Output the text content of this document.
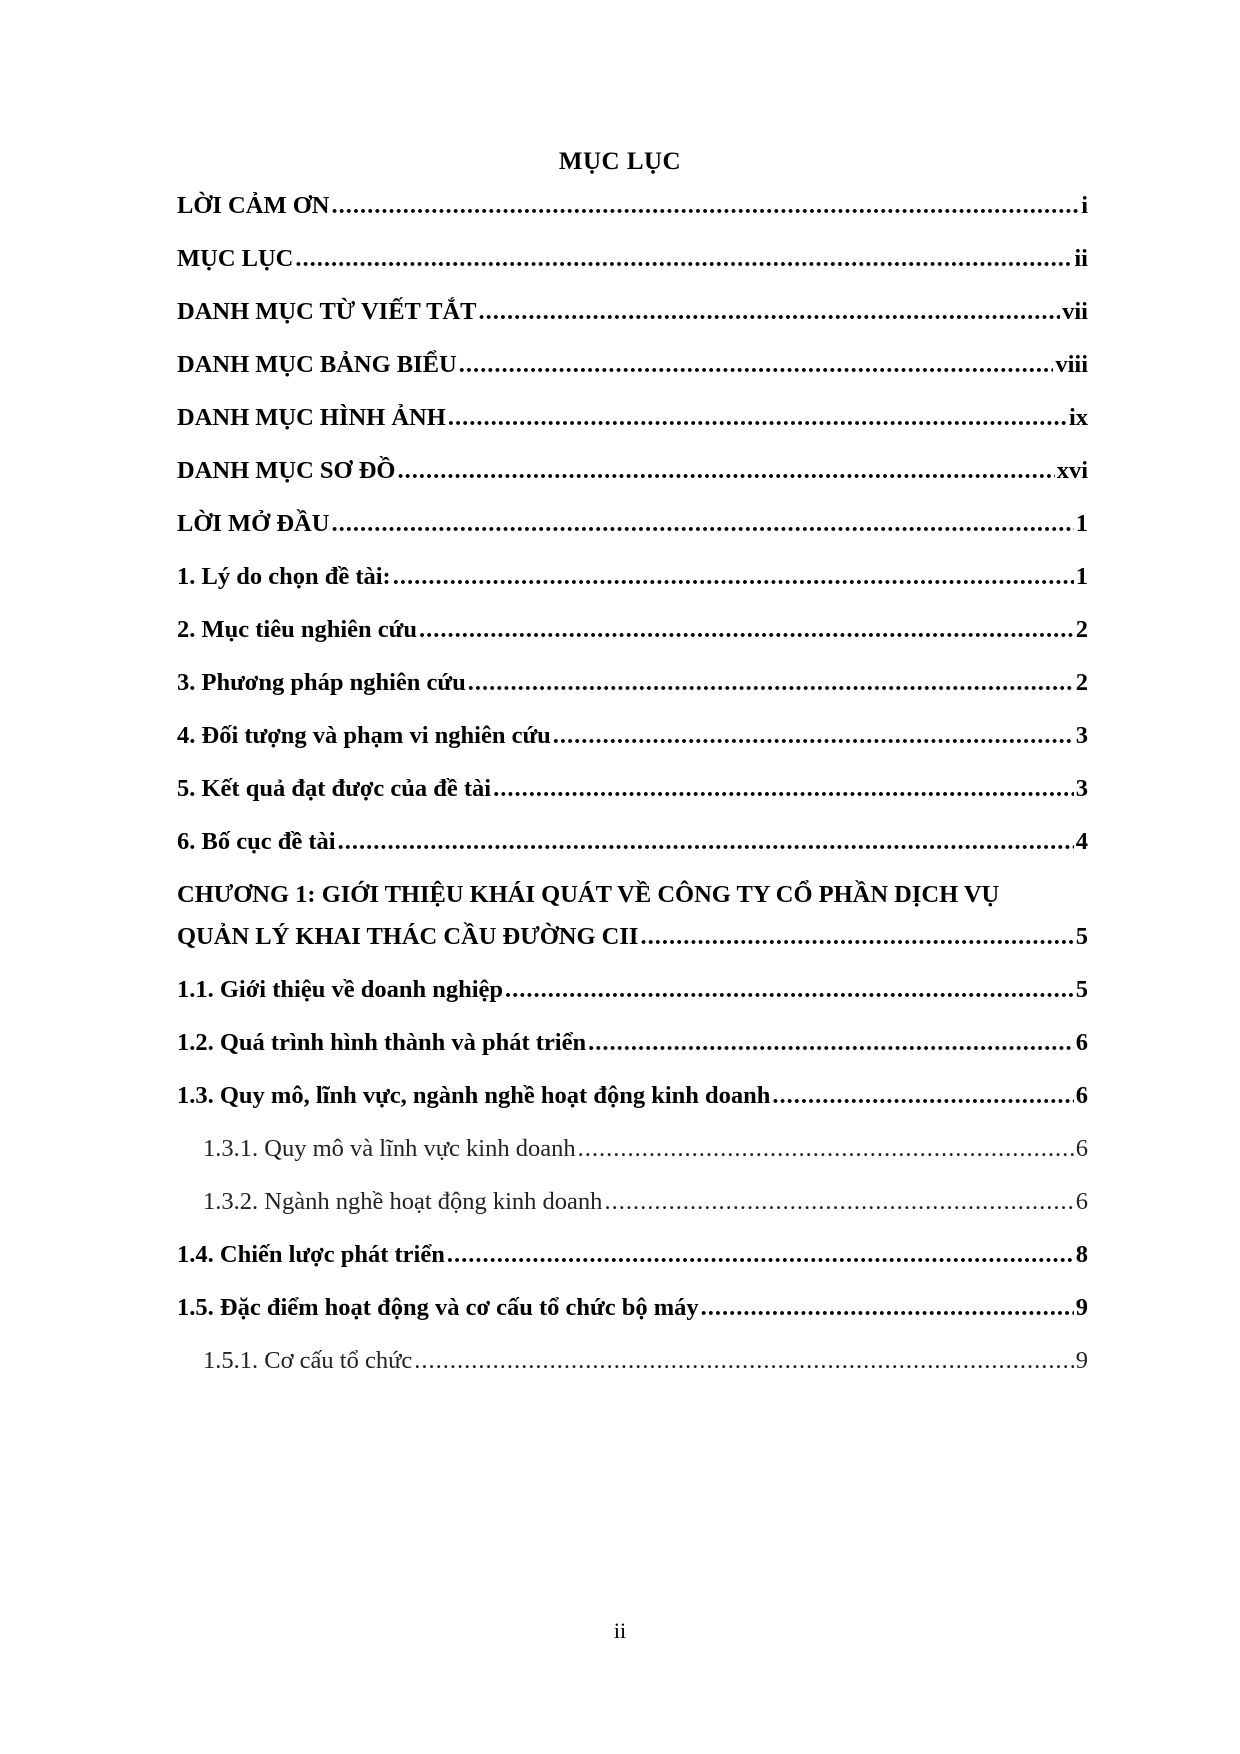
MỤC LỤC
LỜI CẢM ƠN .....	i
MỤC LỤC .....	ii
DANH MỤC TỪ VIẾT TẮT .....	vii
DANH MỤC BẢNG BIỂU .....	viii
DANH MỤC HÌNH ẢNH .....	ix
DANH MỤC SƠ ĐỒ .....	xvi
LỜI MỞ ĐẦU .....	1
1. Lý do chọn đề tài: .....	1
2. Mục tiêu nghiên cứu .....	2
3. Phương pháp nghiên cứu .....	2
4. Đối tượng và phạm vi nghiên cứu .....	3
5. Kết quả đạt được của đề tài .....	3
6. Bố cục đề tài .....	4
CHƯƠNG 1: GIỚI THIỆU KHÁI QUÁT VỀ CÔNG TY CỔ PHẦN DỊCH VỤ
QUẢN LÝ KHAI THÁC CẦU ĐƯỜNG CII .....	5
1.1. Giới thiệu về doanh nghiệp .....	5
1.2. Quá trình hình thành và phát triển .....	6
1.3. Quy mô, lĩnh vực, ngành nghề hoạt động kinh doanh .....	6
1.3.1. Quy mô và lĩnh vực kinh doanh .....	6
1.3.2. Ngành nghề hoạt động kinh doanh .....	6
1.4. Chiến lược phát triển .....	8
1.5. Đặc điểm hoạt động và cơ cấu tổ chức bộ máy .....	9
1.5.1. Cơ cấu tổ chức .....	9
ii
